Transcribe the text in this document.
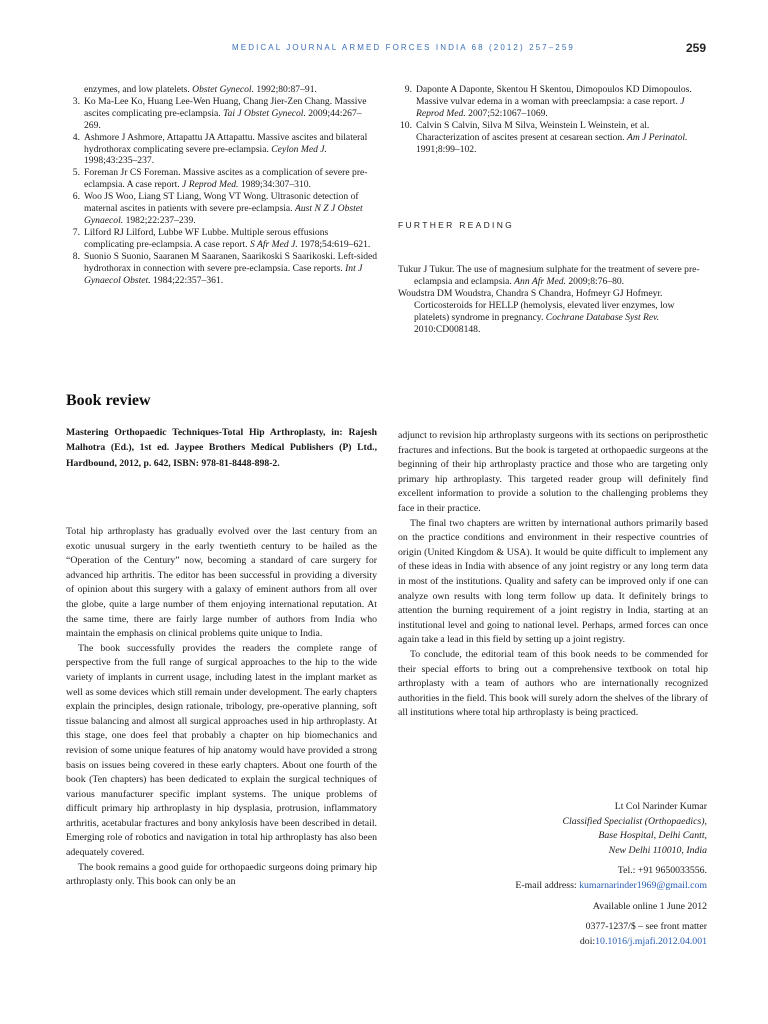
MEDICAL JOURNAL ARMED FORCES INDIA 68 (2012) 257–259	259
enzymes, and low platelets. Obstet Gynecol. 1992;80:87–91.
3. Ko Ma-Lee Ko, Huang Lee-Wen Huang, Chang Jier-Zen Chang. Massive ascites complicating pre-eclampsia. Tai J Obstet Gynecol. 2009;44:267–269.
4. Ashmore J Ashmore, Attapattu JA Attapattu. Massive ascites and bilateral hydrothorax complicating severe pre-eclampsia. Ceylon Med J. 1998;43:235–237.
5. Foreman Jr CS Foreman. Massive ascites as a complication of severe pre-eclampsia. A case report. J Reprod Med. 1989;34:307–310.
6. Woo JS Woo, Liang ST Liang, Wong VT Wong. Ultrasonic detection of maternal ascites in patients with severe pre-eclampsia. Aust N Z J Obstet Gynaecol. 1982;22:237–239.
7. Lilford RJ Lilford, Lubbe WF Lubbe. Multiple serous effusions complicating pre-eclampsia. A case report. S Afr Med J. 1978;54:619–621.
8. Suonio S Suonio, Saaranen M Saaranen, Saarikoski S Saarikoski. Left-sided hydrothorax in connection with severe pre-eclampsia. Case reports. Int J Gynaecol Obstet. 1984;22:357–361.
9. Daponte A Daponte, Skentou H Skentou, Dimopoulos KD Dimopoulos. Massive vulvar edema in a woman with preeclampsia: a case report. J Reprod Med. 2007;52:1067–1069.
10. Calvin S Calvin, Silva M Silva, Weinstein L Weinstein, et al. Characterization of ascites present at cesarean section. Am J Perinatol. 1991;8:99–102.
FURTHER READING
Tukur J Tukur. The use of magnesium sulphate for the treatment of severe pre-eclampsia and eclampsia. Ann Afr Med. 2009;8:76–80.
Woudstra DM Woudstra, Chandra S Chandra, Hofmeyr GJ Hofmeyr. Corticosteroids for HELLP (hemolysis, elevated liver enzymes, low platelets) syndrome in pregnancy. Cochrane Database Syst Rev. 2010:CD008148.
Book review
Mastering Orthopaedic Techniques-Total Hip Arthroplasty, in: Rajesh Malhotra (Ed.), 1st ed. Jaypee Brothers Medical Publishers (P) Ltd., Hardbound, 2012, p. 642, ISBN: 978-81-8448-898-2.

Total hip arthroplasty has gradually evolved over the last century from an exotic unusual surgery in the early twentieth century to be hailed as the “Operation of the Century” now, becoming a standard of care surgery for advanced hip arthritis. The editor has been successful in providing a diversity of opinion about this surgery with a galaxy of eminent authors from all over the globe, quite a large number of them enjoying international reputation. At the same time, there are fairly large number of authors from India who maintain the emphasis on clinical problems quite unique to India.

The book successfully provides the readers the complete range of perspective from the full range of surgical approaches to the hip to the wide variety of implants in current usage, including latest in the implant market as well as some devices which still remain under development. The early chapters explain the principles, design rationale, tribology, pre-operative planning, soft tissue balancing and almost all surgical approaches used in hip arthroplasty. At this stage, one does feel that probably a chapter on hip biomechanics and revision of some unique features of hip anatomy would have provided a strong basis on issues being covered in these early chapters. About one fourth of the book (Ten chapters) has been dedicated to explain the surgical techniques of various manufacturer specific implant systems. The unique problems of difficult primary hip arthroplasty in hip dysplasia, protrusion, inflammatory arthritis, acetabular fractures and bony ankylosis have been described in detail. Emerging role of robotics and navigation in total hip arthroplasty has also been adequately covered.

The book remains a good guide for orthopaedic surgeons doing primary hip arthroplasty only. This book can only be an

adjunct to revision hip arthroplasty surgeons with its sections on periprosthetic fractures and infections. But the book is targeted at orthopaedic surgeons at the beginning of their hip arthroplasty practice and those who are targeting only primary hip arthroplasty. This targeted reader group will definitely find excellent information to provide a solution to the challenging problems they face in their practice.

The final two chapters are written by international authors primarily based on the practice conditions and environment in their respective countries of origin (United Kingdom & USA). It would be quite difficult to implement any of these ideas in India with absence of any joint registry or any long term data in most of the institutions. Quality and safety can be improved only if one can analyze own results with long term follow up data. It definitely brings to attention the burning requirement of a joint registry in India, starting at an institutional level and going to national level. Perhaps, armed forces can once again take a lead in this field by setting up a joint registry.

To conclude, the editorial team of this book needs to be commended for their special efforts to bring out a comprehensive textbook on total hip arthroplasty with a team of authors who are internationally recognized authorities in the field. This book will surely adorn the shelves of the library of all institutions where total hip arthroplasty is being practiced.

Lt Col Narinder Kumar
Classified Specialist (Orthopaedics),
Base Hospital, Delhi Cantt,
New Delhi 110010, India
Tel.: +91 9650033556.
E-mail address: kumarnarinder1969@gmail.com
Available online 1 June 2012
0377-1237/$ – see front matter
doi:10.1016/j.mjafi.2012.04.001
